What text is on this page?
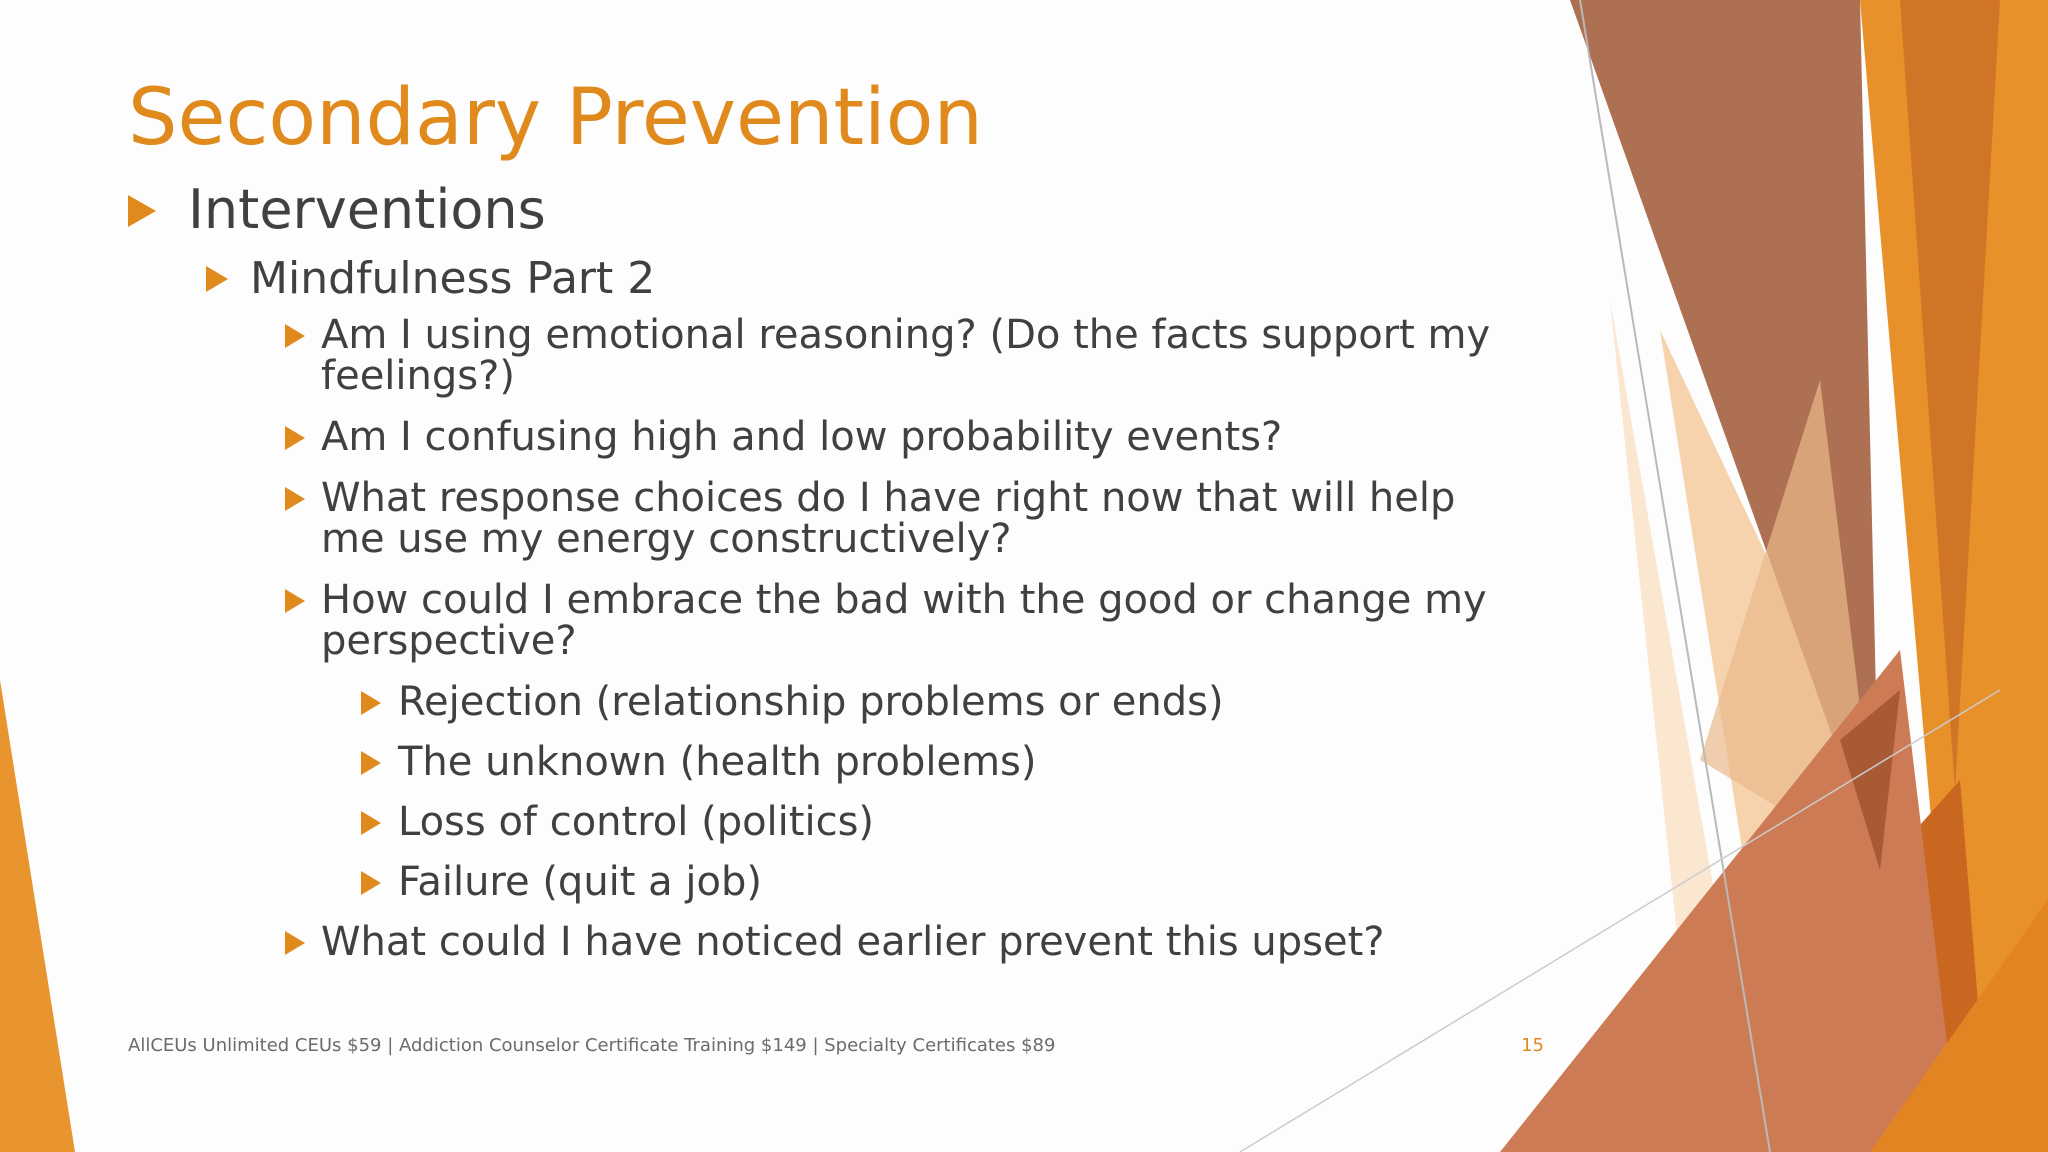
Secondary Prevention
Interventions
Mindfulness Part 2
Am I using emotional reasoning? (Do the facts support my feelings?)
Am I confusing high and low probability events?
What response choices do I have right now that will help me use my energy constructively?
How could I embrace the bad with the good or change my perspective?
Rejection (relationship problems or ends)
The unknown (health problems)
Loss of control (politics)
Failure (quit a job)
What could I have noticed earlier prevent this upset?
AllCEUs Unlimited CEUs $59 | Addiction Counselor Certificate Training $149 | Specialty Certificates $89	15
